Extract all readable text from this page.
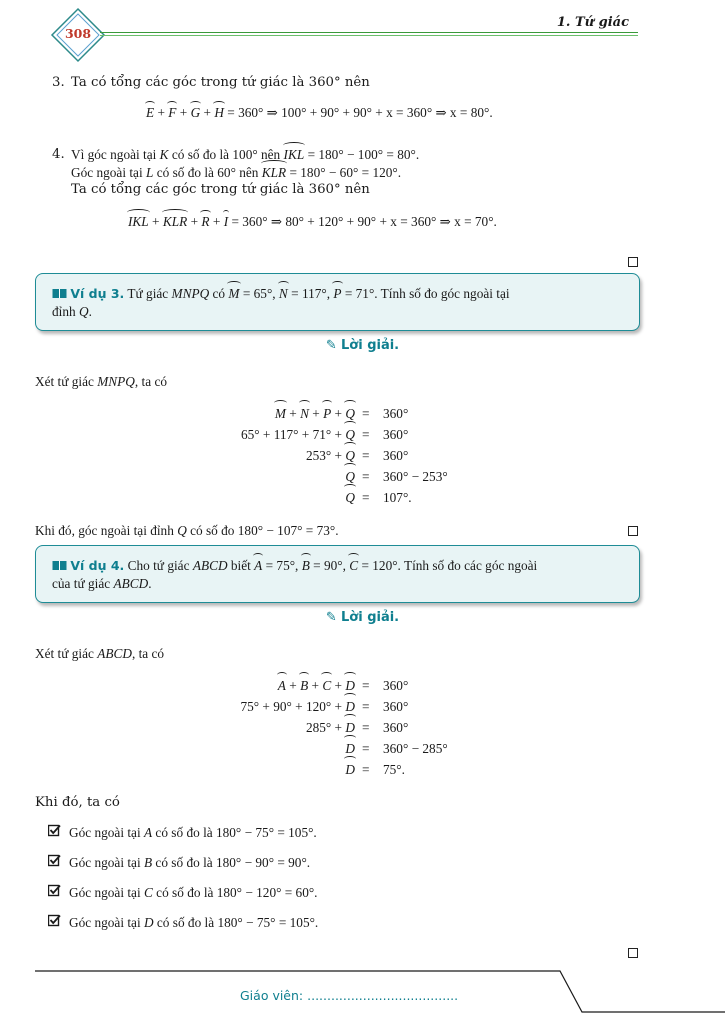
308
1. Tứ giác
3. Ta có tổng các góc trong tứ giác là 360° nên
E + F + G + H = 360° ⇒ 100° + 90° + 90° + x = 360° ⇒ x = 80°.
4. Vì góc ngoài tại K có số đo là 100° nên IKL = 180° − 100° = 80°.
Góc ngoài tại L có số đo là 60° nên KLR = 180° − 60° = 120°.
Ta có tổng các góc trong tứ giác là 360° nên
IKL + KLR + R + I = 360° ⇒ 80° + 120° + 90° + x = 360° ⇒ x = 70°.
Ví dụ 3. Tứ giác MNPQ có M = 65°, N = 117°, P = 71°. Tính số đo góc ngoài tại
đỉnh Q.
✎ Lời giải.
Xét tứ giác MNPQ, ta có
M + N + P + Q
65° + 117° + 71° + Q
253° + Q
Q
Q
=
=
=
=
=
360°
360°
360°
360° − 253°
107°.
Khi đó, góc ngoài tại đỉnh Q có số đo 180° − 107° = 73°.
Ví dụ 4. Cho tứ giác ABCD biết A = 75°, B = 90°, C = 120°. Tính số đo các góc ngoài
của tứ giác ABCD.
✎ Lời giải.
Xét tứ giác ABCD, ta có
A + B + C + D
75° + 90° + 120° + D
285° + D
D
D
=
=
=
=
=
360°
360°
360°
360° − 285°
75°.
Khi đó, ta có
Góc ngoài tại A có số đo là 180° − 75° = 105°.
Góc ngoài tại B có số đo là 180° − 90° = 90°.
Góc ngoài tại C có số đo là 180° − 120° = 60°.
Góc ngoài tại D có số đo là 180° − 75° = 105°.
Giáo viên: ......................................
